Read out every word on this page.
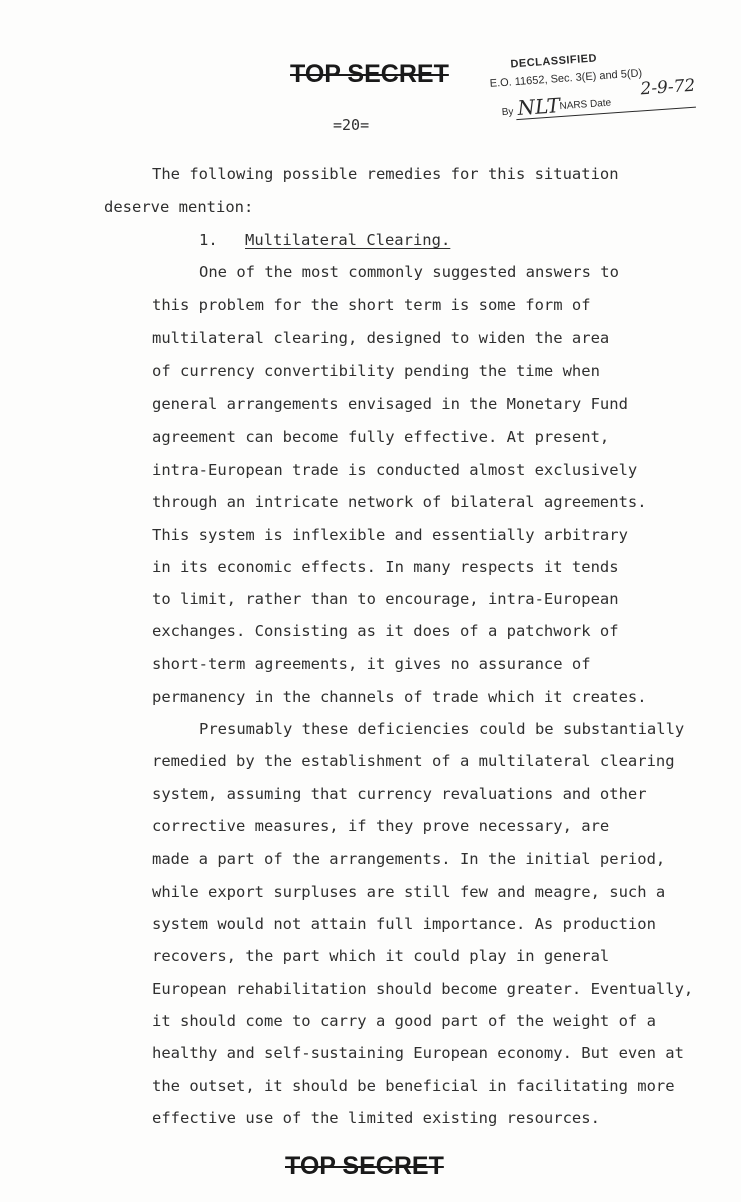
TOP SECRET	DECLASSIFIED
E.O. 11652, Sec. 3(E) and 5(D)
By NLT
NARS Date
2-9-72
=20=
The following possible remedies for this situation
deserve mention:
1. Multilateral Clearing.
One of the most commonly suggested answers to
this problem for the short term is some form of
multilateral clearing, designed to widen the area
of currency convertibility pending the time when
general arrangements envisaged in the Monetary Fund
agreement can become fully effective. At present,
intra-European trade is conducted almost exclusively
through an intricate network of bilateral agreements.
This system is inflexible and essentially arbitrary
in its economic effects. In many respects it tends
to limit, rather than to encourage, intra-European
exchanges. Consisting as it does of a patchwork of
short-term agreements, it gives no assurance of
permanency in the channels of trade which it creates.
Presumably these deficiencies could be substantially
remedied by the establishment of a multilateral clearing
system, assuming that currency revaluations and other
corrective measures, if they prove necessary, are
made a part of the arrangements. In the initial period,
while export surpluses are still few and meagre, such a
system would not attain full importance. As production
recovers, the part which it could play in general
European rehabilitation should become greater. Eventually,
it should come to carry a good part of the weight of a
healthy and self-sustaining European economy. But even at
the outset, it should be beneficial in facilitating more
effective use of the limited existing resources.
TOP SECRET
